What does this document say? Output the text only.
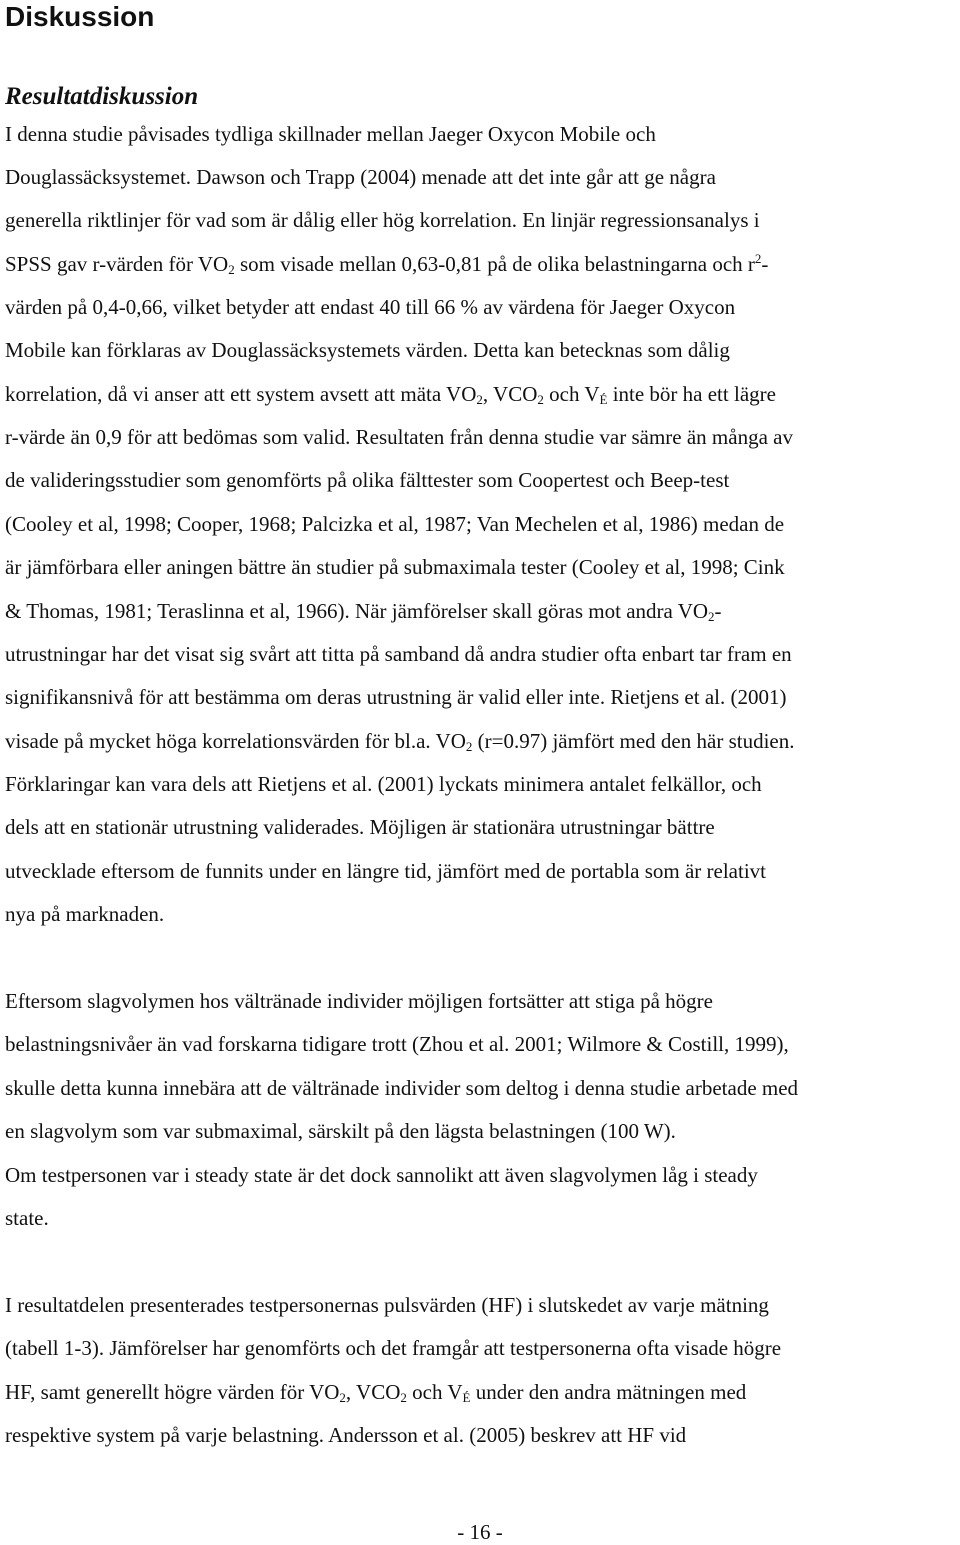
Diskussion
Resultatdiskussion

I denna studie påvisades tydliga skillnader mellan Jaeger Oxycon Mobile och

Douglassäcksystemet. Dawson och Trapp (2004) menade att det inte går att ge några

generella riktlinjer för vad som är dålig eller hög korrelation. En linjär regressionsanalys i

SPSS gav r-värden för $VO_2$ som visade mellan 0,63-0,81 på de olika belastningarna och $r^2-$

värden på 0,4-0,66, vilket betyder att endast 40 till 66 % av värdena för Jaeger Oxycon

Mobile kan förklaras av Douglassäcksystemets värden. Detta kan betecknas som dålig

korrelation, då vi anser att ett system avsett att mäta $VO_2$, $VCO_2$ och $V_É$ inte bör ha ett lägre

r-värde än 0,9 för att bedömas som valid. Resultaten från denna studie var sämre än många av

de valideringsstudier som genomförts på olika fälttester som Coopertest och Beep-test

(Cooley et al, 1998; Cooper, 1968; Palcizka et al, 1987; Van Mechelen et al, 1986) medan de

är jämförbara eller aningen bättre än studier på submaximala tester (Cooley et al, 1998; Cink

& Thomas, 1981; Teraslinna et al, 1966). När jämförelser skall göras mot andra $VO_2-$

utrustningar har det visat sig svårt att titta på samband då andra studier ofta enbart tar fram en

signifikansnivå för att bestämma om deras utrustning är valid eller inte. Rietjens et al. (2001)

visade på mycket höga korrelationsvärden för bl.a. $VO_2$ (r=0.97) jämfört med den här studien.

Förklaringar kan vara dels att Rietjens et al. (2001) lyckats minimera antalet felkällor, och

dels att en stationär utrustning validerades. Möjligen är stationära utrustningar bättre

utvecklade eftersom de funnits under en längre tid, jämfört med de portabla som är relativt

nya på marknaden.

Eftersom slagvolymen hos vältränade individer möjligen fortsätter att stiga på högre

belastningsnivåer än vad forskarna tidigare trott (Zhou et al. 2001; Wilmore & Costill, 1999),

skulle detta kunna innebära att de vältränade individer som deltog i denna studie arbetade med

en slagvolym som var submaximal, särskilt på den lägsta belastningen (100 W).

Om testpersonen var i steady state är det dock sannolikt att även slagvolymen låg i steady

state.

I resultatdelen presenterades testpersonernas pulsvärden (HF) i slutskedet av varje mätning

(tabell 1-3). Jämförelser har genomförts och det framgår att testpersonerna ofta visade högre

HF, samt generellt högre värden för $VO_2$, $VCO_2$ och $V_É$ under den andra mätningen med

respektive system på varje belastning. Andersson et al. (2005) beskrev att HF vid

- 16 -
